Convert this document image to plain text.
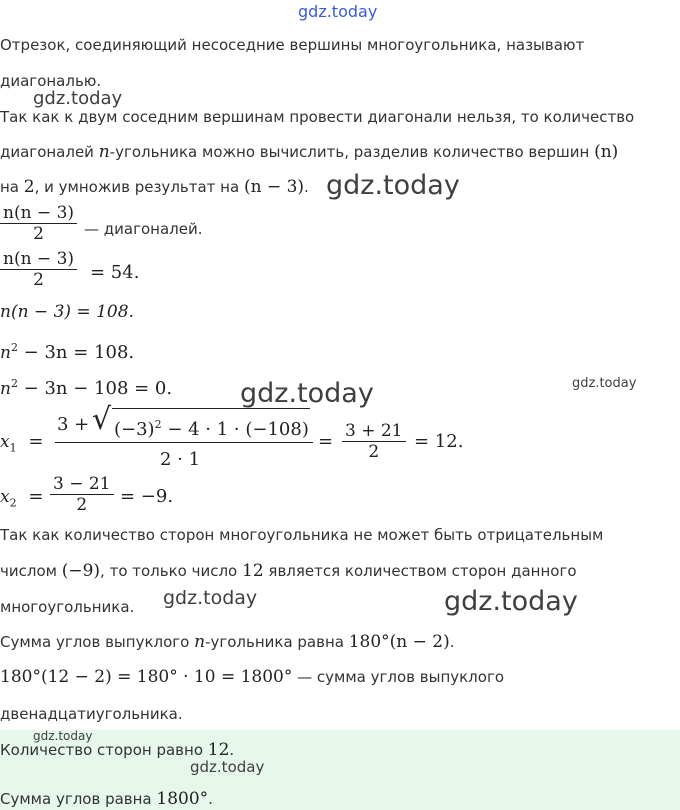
gdz.today
gdz.today
gdz.today
gdz.today	gdz.today
gdz.today	gdz.today
gdz.today
gdz.today
Отрезок, соединяющий несоседние вершины многоугольника, называют
диагональю.
Так как к двум соседним вершинам провести диагонали нельзя, то количество
диагоналей n-угольника можно вычислить, разделив количество вершин (n)
на 2, и умножив результат на (n − 3).
n(n − 3)
2	— диагоналей.
n(n − 3)
2	= 54.
n(n − 3) = 108.
$n^2 - 3n = 108$.
$n^2 - 3n - 108 = 0$.
$x_1$ =
3 + √ $(-3)^2 - 4 \cdot 1 \cdot (-108)$
2 · 1
= 3 + 21
2	= 12.
$x_2$ =
3 − 21
2	= −9.
Так как количество сторон многоугольника не может быть отрицательным
числом (−9), то только число 12 является количеством сторон данного
многоугольника.
Сумма углов выпуклого n-угольника равна 180°(n − 2).
180°(12 − 2) = 180° · 10 = 1800° — сумма углов выпуклого
двенадцатиугольника.
Количество сторон равно 12.
Сумма углов равна 1800°.
